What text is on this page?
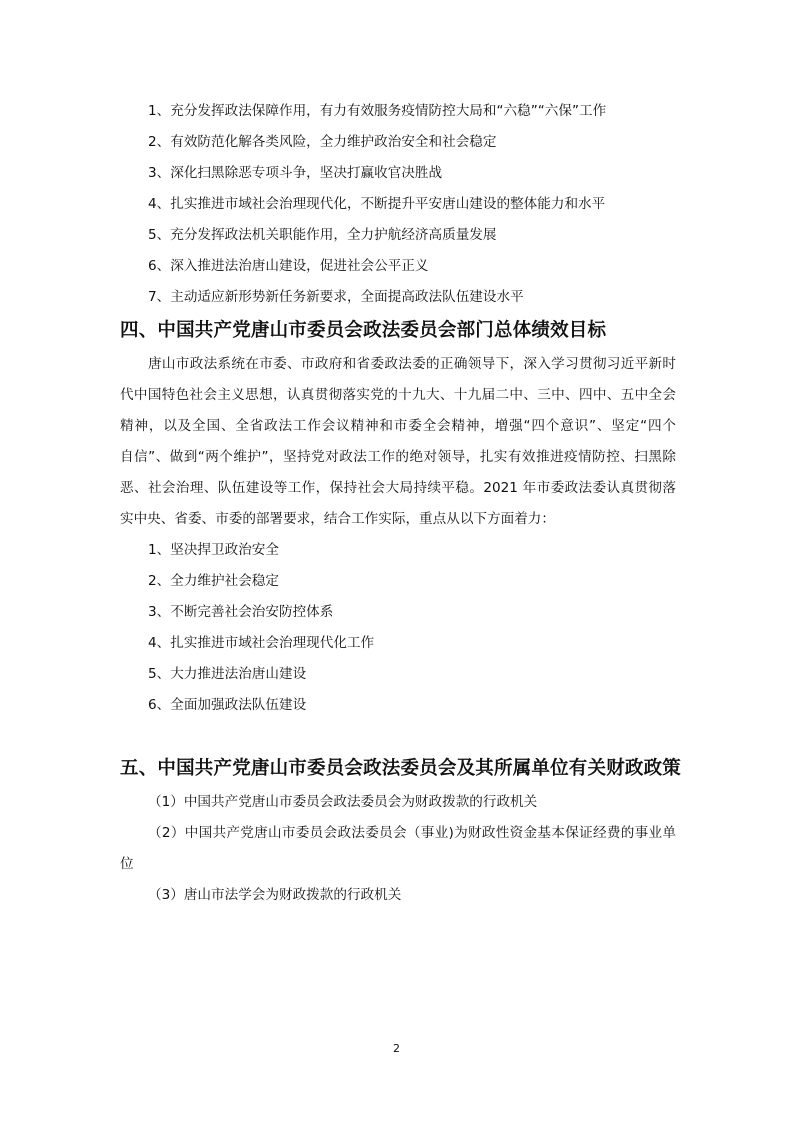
1、充分发挥政法保障作用，有力有效服务疫情防控大局和“六稳”“六保”工作
2、有效防范化解各类风险，全力维护政治安全和社会稳定
3、深化扫黑除恶专项斗争，坚决打赢收官决胜战
4、扎实推进市域社会治理现代化，不断提升平安唐山建设的整体能力和水平
5、充分发挥政法机关职能作用，全力护航经济高质量发展
6、深入推进法治唐山建设，促进社会公平正义
7、主动适应新形势新任务新要求，全面提高政法队伍建设水平
四、中国共产党唐山市委员会政法委员会部门总体绩效目标
唐山市政法系统在市委、市政府和省委政法委的正确领导下，深入学习贯彻习近平新时
代中国特色社会主义思想，认真贯彻落实党的十九大、十九届二中、三中、四中、五中全会
精神，以及全国、全省政法工作会议精神和市委全会精神，增强“四个意识”、坚定“四个
自信”、做到“两个维护”，坚持党对政法工作的绝对领导，扎实有效推进疫情防控、扫黑除
恶、社会治理、队伍建设等工作，保持社会大局持续平稳。2021 年市委政法委认真贯彻落
实中央、省委、市委的部署要求，结合工作实际，重点从以下方面着力：
1、坚决捍卫政治安全
2、全力维护社会稳定
3、不断完善社会治安防控体系
4、扎实推进市域社会治理现代化工作
5、大力推进法治唐山建设
6、全面加强政法队伍建设
五、中国共产党唐山市委员会政法委员会及其所属单位有关财政政策
（1）中国共产党唐山市委员会政法委员会为财政拨款的行政机关
（2）中国共产党唐山市委员会政法委员会（事业)为财政性资金基本保证经费的事业单
位
（3）唐山市法学会为财政拨款的行政机关
2
